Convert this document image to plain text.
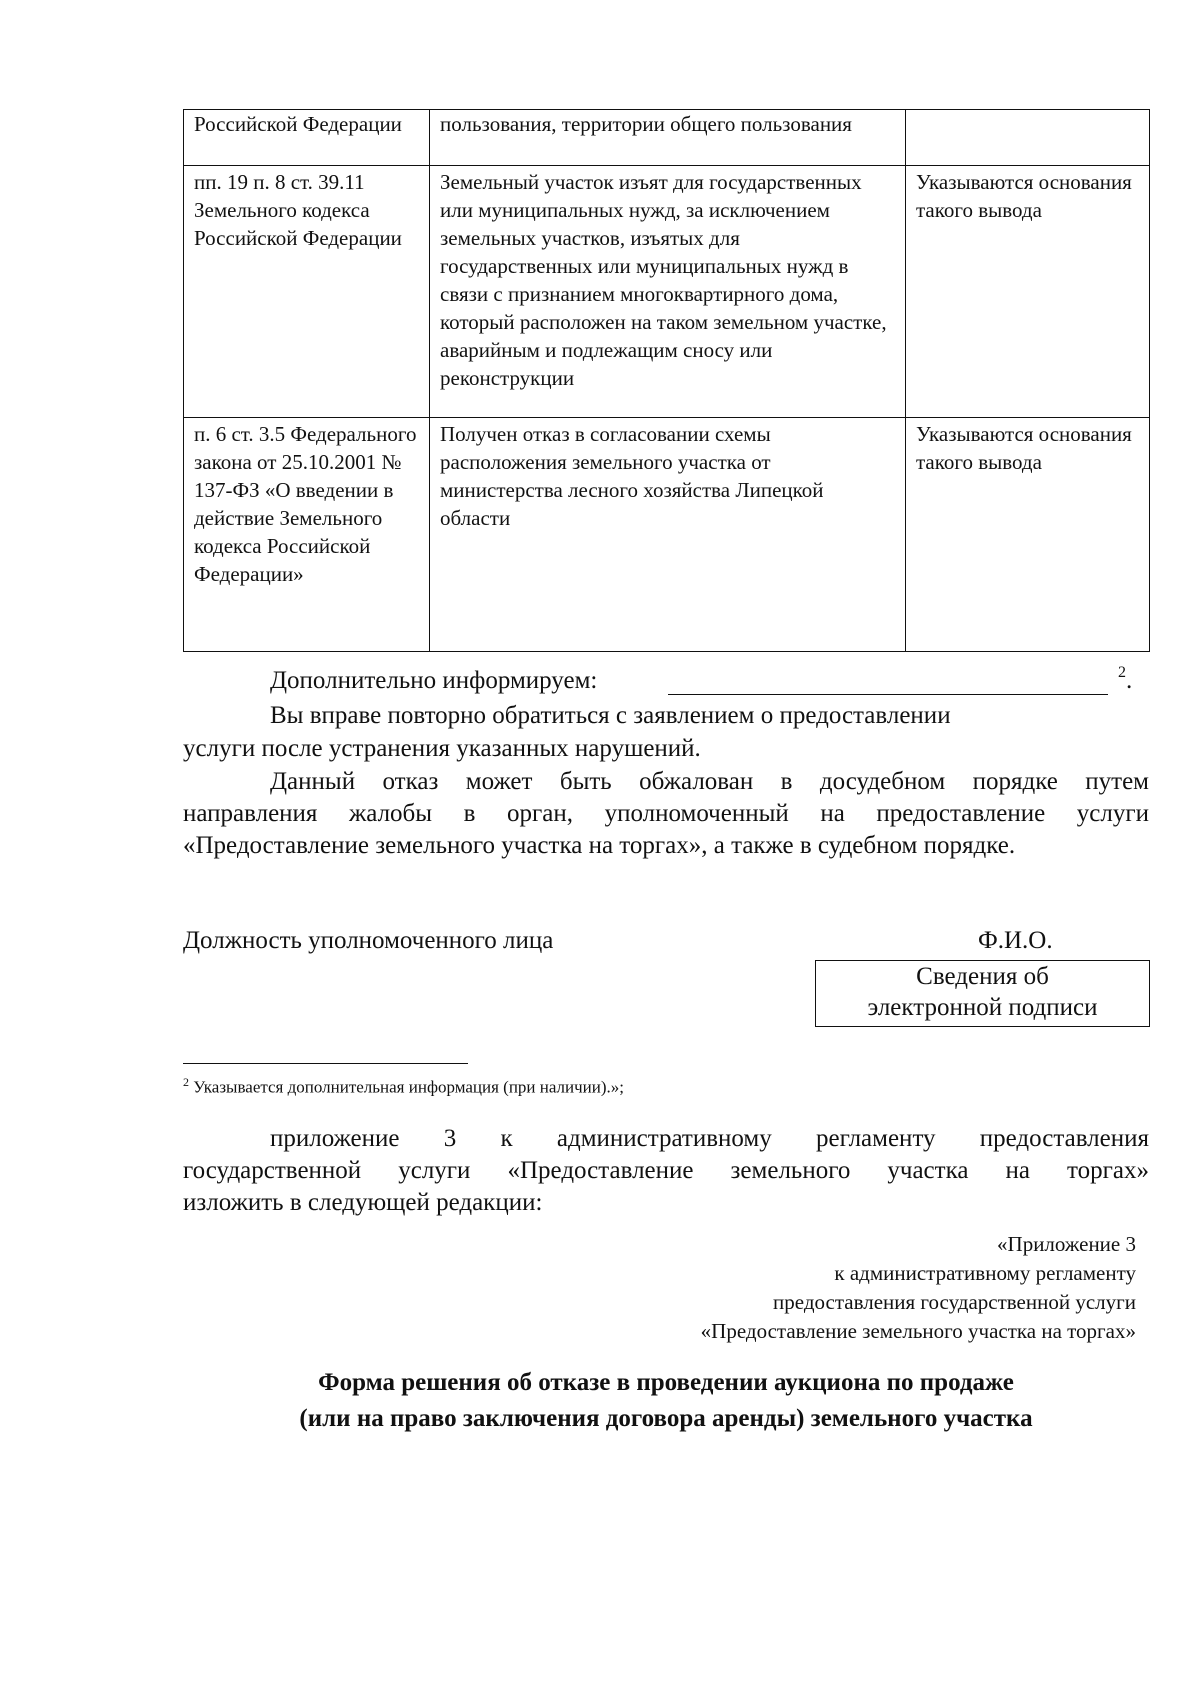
Российской Федерации	пользования, территории общего пользования	
пп. 19 п. 8 ст. 39.11 Земельного кодекса Российской Федерации	Земельный участок изъят для государственных или муниципальных нужд, за исключением земельных участков, изъятых для государственных или муниципальных нужд в связи с признанием многоквартирного дома, который расположен на таком земельном участке, аварийным и подлежащим сносу или реконструкции	Указываются основания такого вывода
п. 6 ст. 3.5 Федерального закона от 25.10.2001 № 137-ФЗ «О введении в действие Земельного кодекса Российской Федерации»	Получен отказ в согласовании схемы расположения земельного участка от министерства лесного хозяйства Липецкой области	Указываются основания такого вывода

Дополнительно информируем:	2 .

Вы вправе повторно обратиться с заявлением о предоставлении

услуги после устранения указанных нарушений.

Данный отказ может быть обжалован в досудебном порядке путем

направления жалобы в орган, уполномоченный на предоставление услуги

«Предоставление земельного участка на торгах», а также в судебном порядке.

Должность уполномоченного лица	Ф.И.О.

Сведения об
электронной подписи
$^2$ Указывается дополнительная информация (при наличии).»;

приложение 3 к административному регламенту предоставления

государственной услуги «Предоставление земельного участка на торгах»

изложить в следующей редакции:

«Приложение 3
к административному регламенту
предоставления государственной услуги
«Предоставление земельного участка на торгах»
Форма решения об отказе в проведении аукциона по продаже
(или на право заключения договора аренды) земельного участка
